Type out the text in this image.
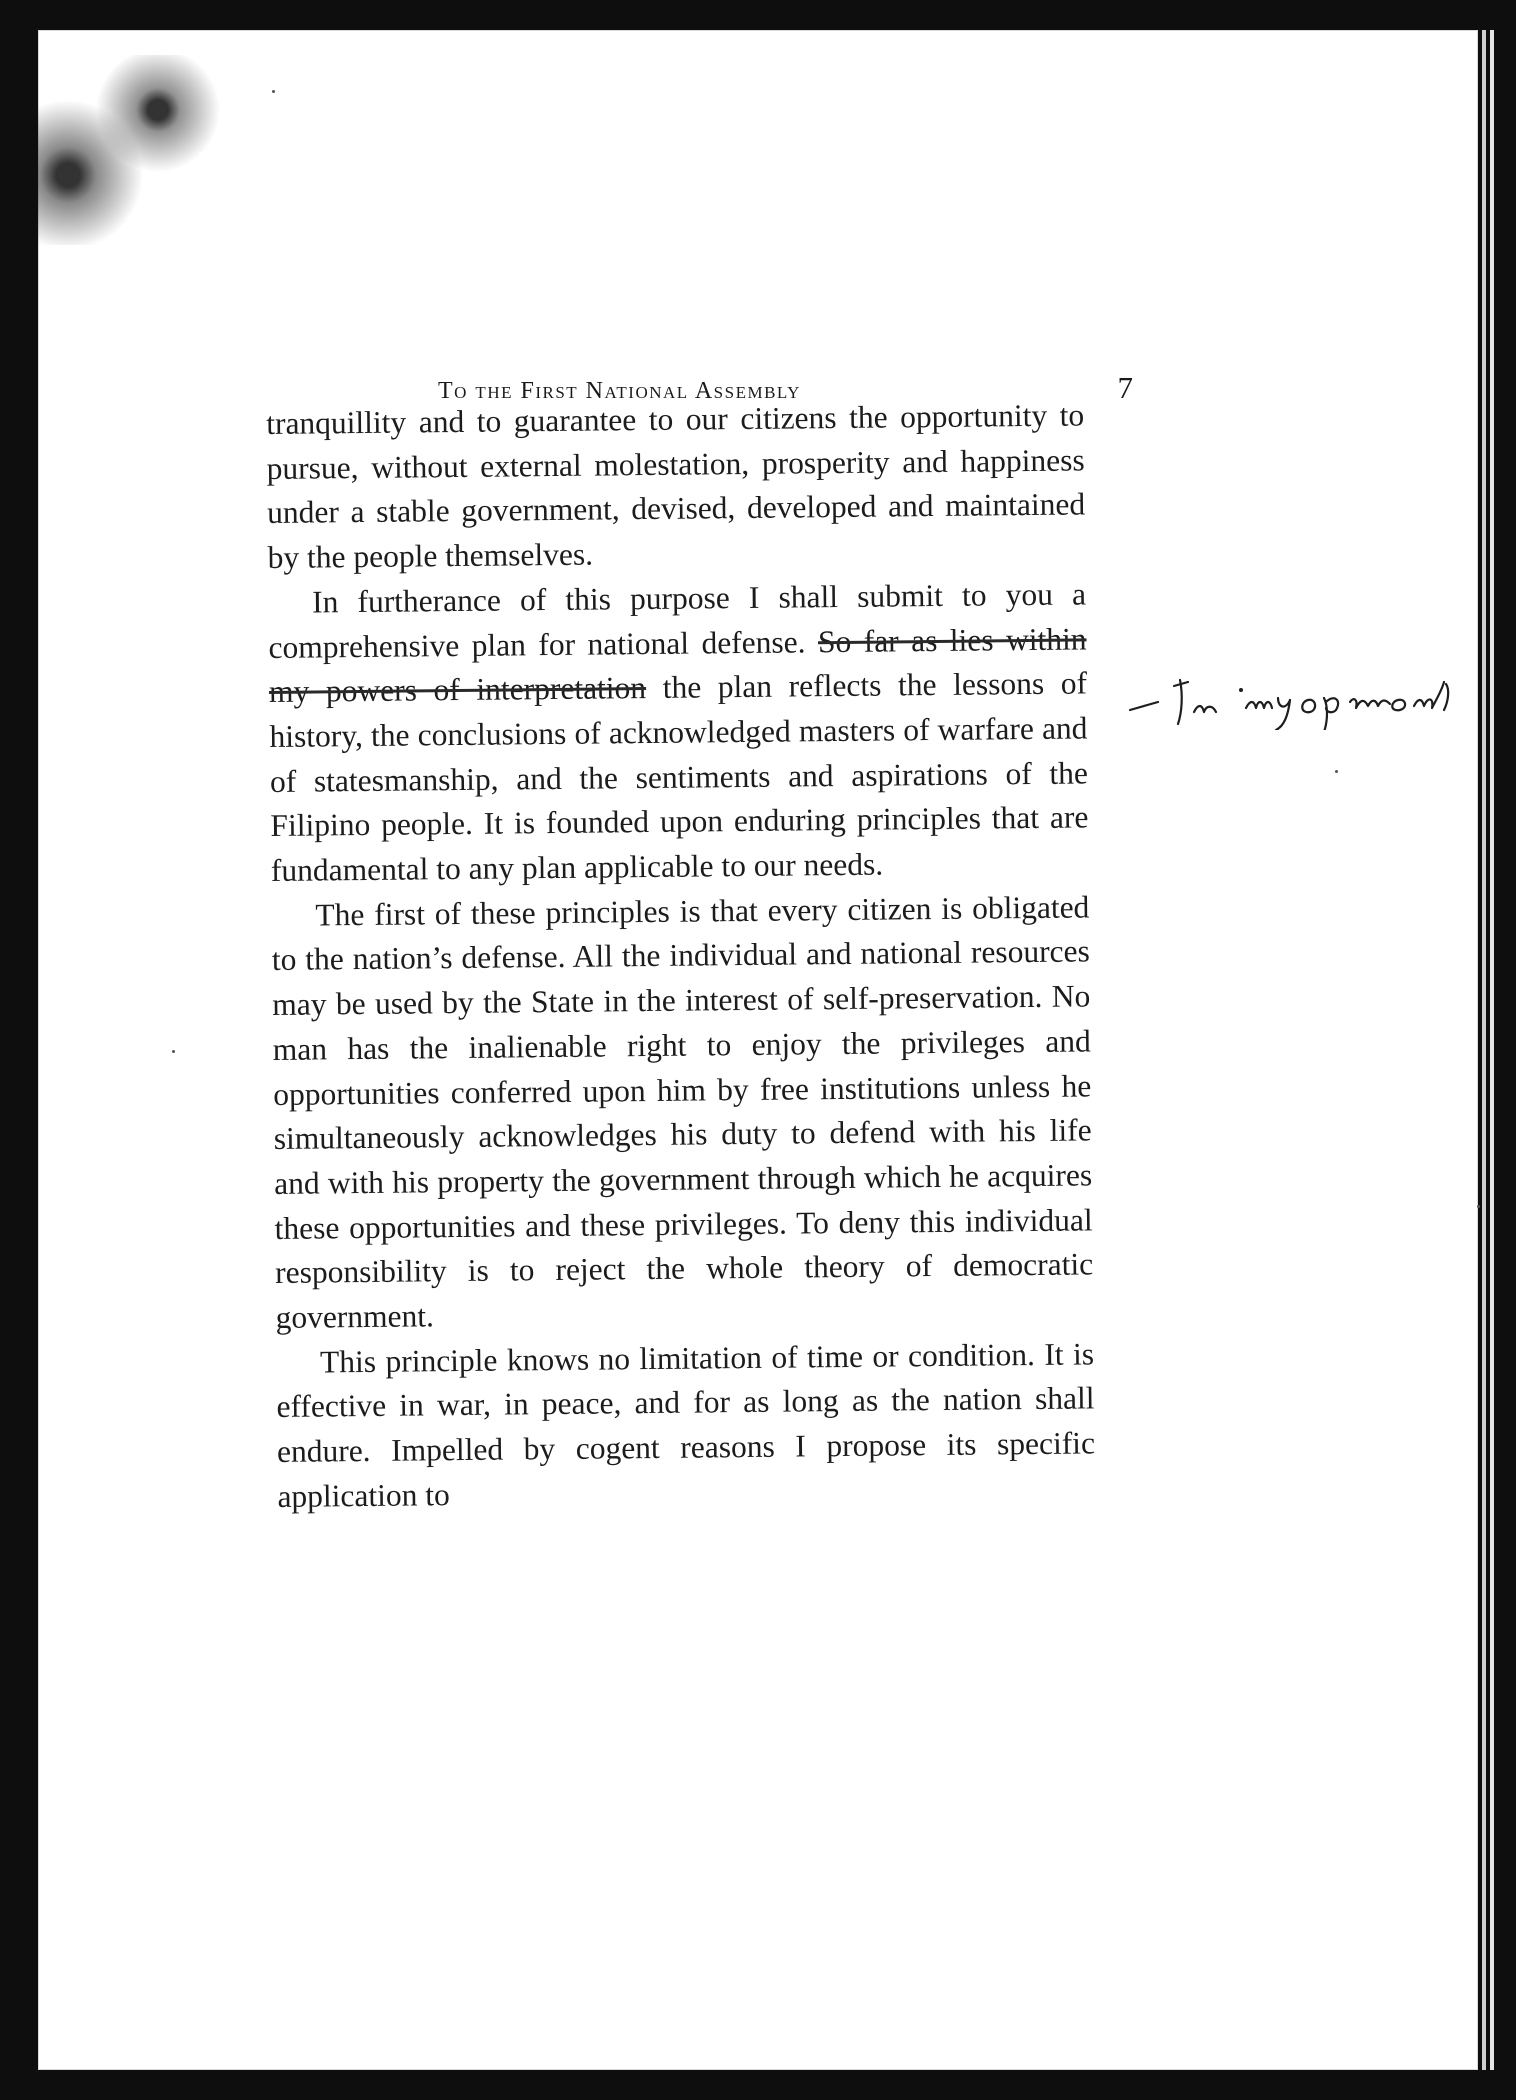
To the First National Assembly	7

tranquillity and to guarantee to our citizens the opportunity to pursue, without external molestation, prosperity and happiness under a stable government, devised, developed and maintained by the people themselves.

In furtherance of this purpose I shall submit to you a comprehensive plan for national defense. So far as lies within my powers of interpretation the plan reflects the lessons of history, the conclusions of acknowledged masters of warfare and of statesmanship, and the sentiments and aspirations of the Filipino people. It is founded upon enduring principles that are fundamental to any plan applicable to our needs.

The first of these principles is that every citizen is obligated to the nation’s defense. All the individual and national resources may be used by the State in the interest of self-preservation. No man has the inalienable right to enjoy the privileges and opportunities conferred upon him by free institutions unless he simultaneously acknowledges his duty to defend with his life and with his property the government through which he acquires these opportunities and these privileges. To deny this individual responsibility is to reject the whole theory of democratic government.

This principle knows no limitation of time or condition. It is effective in war, in peace, and for as long as the nation shall endure. Impelled by cogent reasons I propose its specific application to
